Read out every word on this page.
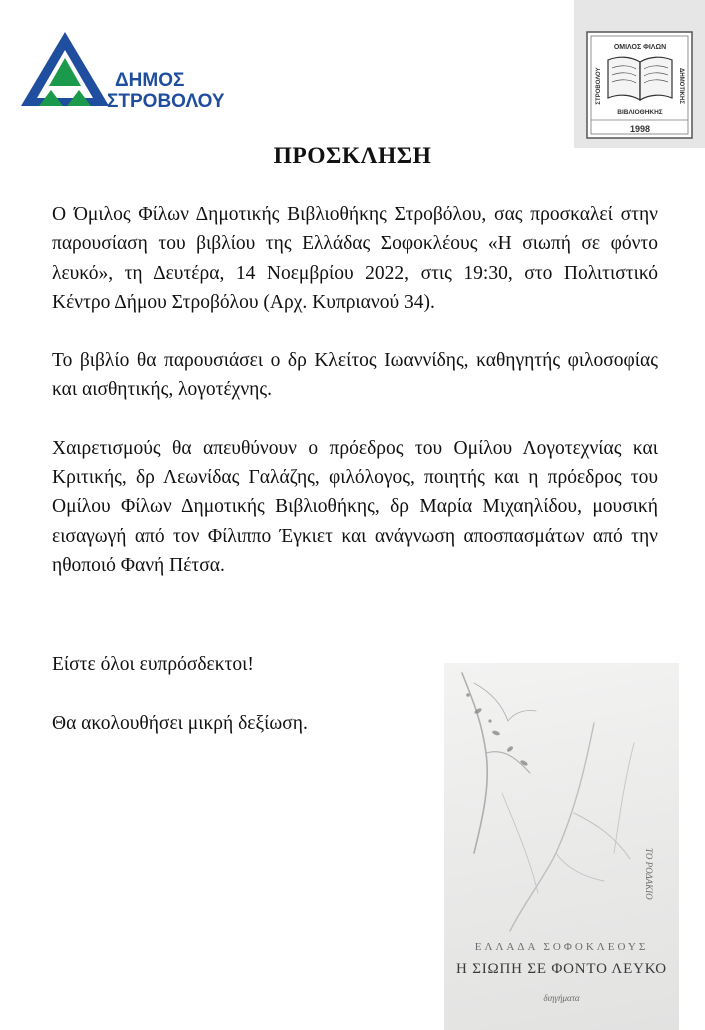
ΔΗΜΟΣ
ΣΤΡΟΒΟΛΟΥ
ΟΜΙΛΟΣ ΦΙΛΩΝ
ΣΤΡΟΒΟΛΟΥ	ΔΗΜΟΤΙΚΗΣ
ΒΙΒΛΙΟΘΗΚΗΣ
1998
ΠΡΟΣΚΛΗΣΗ

Ο Όμιλος Φίλων Δημοτικής Βιβλιοθήκης Στροβόλου, σας προσκαλεί στην παρουσίαση του βιβλίου της Ελλάδας Σοφοκλέους «Η σιωπή σε φόντο λευκό», τη Δευτέρα, 14 Νοεμβρίου 2022, στις 19:30, στο Πολιτιστικό Κέντρο Δήμου Στροβόλου (Αρχ. Κυπριανού 34).

Το βιβλίο θα παρουσιάσει ο δρ Κλείτος Ιωαννίδης, καθηγητής φιλοσοφίας και αισθητικής, λογοτέχνης.

Χαιρετισμούς θα απευθύνουν ο πρόεδρος του Ομίλου Λογοτεχνίας και Κριτικής, δρ Λεωνίδας Γαλάζης, φιλόλογος, ποιητής και η πρόεδρος του Ομίλου Φίλων Δημοτικής Βιβλιοθήκης, δρ Μαρία Μιχαηλίδου, μουσική εισαγωγή από τον Φίλιππο Έγκιετ και ανάγνωση αποσπασμάτων από την ηθοποιό Φανή Πέτσα.

Είστε όλοι ευπρόσδεκτοι!

Θα ακολουθήσει μικρή δεξίωση.

ΤΟ ΡΟΔΑΚΙΟ
ΕΛΛΑΔΑ ΣΟΦΟΚΛΕΟΥΣ
Η ΣΙΩΠΗ ΣΕ ΦΟΝΤΟ ΛΕΥΚΟ
διηγήματα
